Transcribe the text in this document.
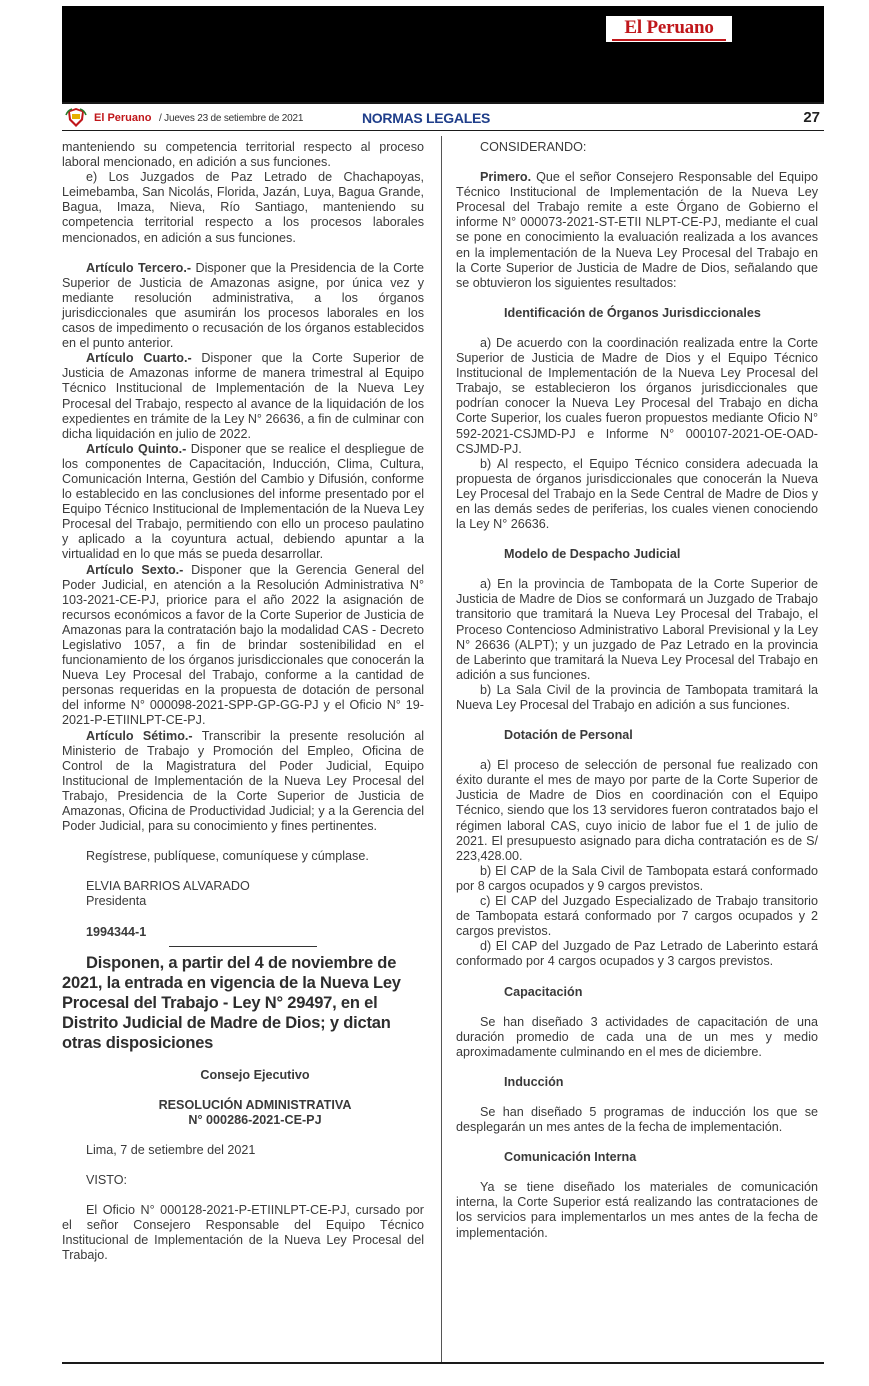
El Peruano
El Peruano / Jueves 23 de setiembre de 2021	NORMAS LEGALES	27

manteniendo su competencia territorial respecto al proceso laboral mencionado, en adición a sus funciones.

e) Los Juzgados de Paz Letrado de Chachapoyas, Leimebamba, San Nicolás, Florida, Jazán, Luya, Bagua Grande, Bagua, Imaza, Nieva, Río Santiago, manteniendo su competencia territorial respecto a los procesos laborales mencionados, en adición a sus funciones.

Artículo Tercero.- Disponer que la Presidencia de la Corte Superior de Justicia de Amazonas asigne, por única vez y mediante resolución administrativa, a los órganos jurisdiccionales que asumirán los procesos laborales en los casos de impedimento o recusación de los órganos establecidos en el punto anterior.

Artículo Cuarto.- Disponer que la Corte Superior de Justicia de Amazonas informe de manera trimestral al Equipo Técnico Institucional de Implementación de la Nueva Ley Procesal del Trabajo, respecto al avance de la liquidación de los expedientes en trámite de la Ley N° 26636, a fin de culminar con dicha liquidación en julio de 2022.

Artículo Quinto.- Disponer que se realice el despliegue de los componentes de Capacitación, Inducción, Clima, Cultura, Comunicación Interna, Gestión del Cambio y Difusión, conforme lo establecido en las conclusiones del informe presentado por el Equipo Técnico Institucional de Implementación de la Nueva Ley Procesal del Trabajo, permitiendo con ello un proceso paulatino y aplicado a la coyuntura actual, debiendo apuntar a la virtualidad en lo que más se pueda desarrollar.

Artículo Sexto.- Disponer que la Gerencia General del Poder Judicial, en atención a la Resolución Administrativa N° 103-2021-CE-PJ, priorice para el año 2022 la asignación de recursos económicos a favor de la Corte Superior de Justicia de Amazonas para la contratación bajo la modalidad CAS - Decreto Legislativo 1057, a fin de brindar sostenibilidad en el funcionamiento de los órganos jurisdiccionales que conocerán la Nueva Ley Procesal del Trabajo, conforme a la cantidad de personas requeridas en la propuesta de dotación de personal del informe N° 000098-2021-SPP-GP-GG-PJ y el Oficio N° 19-2021-P-ETIINLPT-CE-PJ.

Artículo Sétimo.- Transcribir la presente resolución al Ministerio de Trabajo y Promoción del Empleo, Oficina de Control de la Magistratura del Poder Judicial, Equipo Institucional de Implementación de la Nueva Ley Procesal del Trabajo, Presidencia de la Corte Superior de Justicia de Amazonas, Oficina de Productividad Judicial; y a la Gerencia del Poder Judicial, para su conocimiento y fines pertinentes.

Regístrese, publíquese, comuníquese y cúmplase.

ELVIA BARRIOS ALVARADO

Presidenta

1994344-1

Disponen, a partir del 4 de noviembre de 2021, la entrada en vigencia de la Nueva Ley Procesal del Trabajo - Ley N° 29497, en el Distrito Judicial de Madre de Dios; y dictan otras disposiciones

Consejo Ejecutivo

RESOLUCIÓN ADMINISTRATIVA

N° 000286-2021-CE-PJ

Lima, 7 de setiembre del 2021

VISTO:

El Oficio N° 000128-2021-P-ETIINLPT-CE-PJ, cursado por el señor Consejero Responsable del Equipo Técnico Institucional de Implementación de la Nueva Ley Procesal del Trabajo.

CONSIDERANDO:

Primero. Que el señor Consejero Responsable del Equipo Técnico Institucional de Implementación de la Nueva Ley Procesal del Trabajo remite a este Órgano de Gobierno el informe N° 000073-2021-ST-ETII NLPT-CE-PJ, mediante el cual se pone en conocimiento la evaluación realizada a los avances en la implementación de la Nueva Ley Procesal del Trabajo en la Corte Superior de Justicia de Madre de Dios, señalando que se obtuvieron los siguientes resultados:

Identificación de Órganos Jurisdiccionales

a) De acuerdo con la coordinación realizada entre la Corte Superior de Justicia de Madre de Dios y el Equipo Técnico Institucional de Implementación de la Nueva Ley Procesal del Trabajo, se establecieron los órganos jurisdiccionales que podrían conocer la Nueva Ley Procesal del Trabajo en dicha Corte Superior, los cuales fueron propuestos mediante Oficio N° 592-2021-CSJMD-PJ e Informe N° 000107-2021-OE-OAD-CSJMD-PJ.

b) Al respecto, el Equipo Técnico considera adecuada la propuesta de órganos jurisdiccionales que conocerán la Nueva Ley Procesal del Trabajo en la Sede Central de Madre de Dios y en las demás sedes de periferias, los cuales vienen conociendo la Ley N° 26636.

Modelo de Despacho Judicial

a) En la provincia de Tambopata de la Corte Superior de Justicia de Madre de Dios se conformará un Juzgado de Trabajo transitorio que tramitará la Nueva Ley Procesal del Trabajo, el Proceso Contencioso Administrativo Laboral Previsional y la Ley N° 26636 (ALPT); y un juzgado de Paz Letrado en la provincia de Laberinto que tramitará la Nueva Ley Procesal del Trabajo en adición a sus funciones.

b) La Sala Civil de la provincia de Tambopata tramitará la Nueva Ley Procesal del Trabajo en adición a sus funciones.

Dotación de Personal

a) El proceso de selección de personal fue realizado con éxito durante el mes de mayo por parte de la Corte Superior de Justicia de Madre de Dios en coordinación con el Equipo Técnico, siendo que los 13 servidores fueron contratados bajo el régimen laboral CAS, cuyo inicio de labor fue el 1 de julio de 2021. El presupuesto asignado para dicha contratación es de S/ 223,428.00.

b) El CAP de la Sala Civil de Tambopata estará conformado por 8 cargos ocupados y 9 cargos previstos.

c) El CAP del Juzgado Especializado de Trabajo transitorio de Tambopata estará conformado por 7 cargos ocupados y 2 cargos previstos.

d) El CAP del Juzgado de Paz Letrado de Laberinto estará conformado por 4 cargos ocupados y 3 cargos previstos.

Capacitación

Se han diseñado 3 actividades de capacitación de una duración promedio de cada una de un mes y medio aproximadamente culminando en el mes de diciembre.

Inducción

Se han diseñado 5 programas de inducción los que se desplegarán un mes antes de la fecha de implementación.

Comunicación Interna

Ya se tiene diseñado los materiales de comunicación interna, la Corte Superior está realizando las contrataciones de los servicios para implementarlos un mes antes de la fecha de implementación.
